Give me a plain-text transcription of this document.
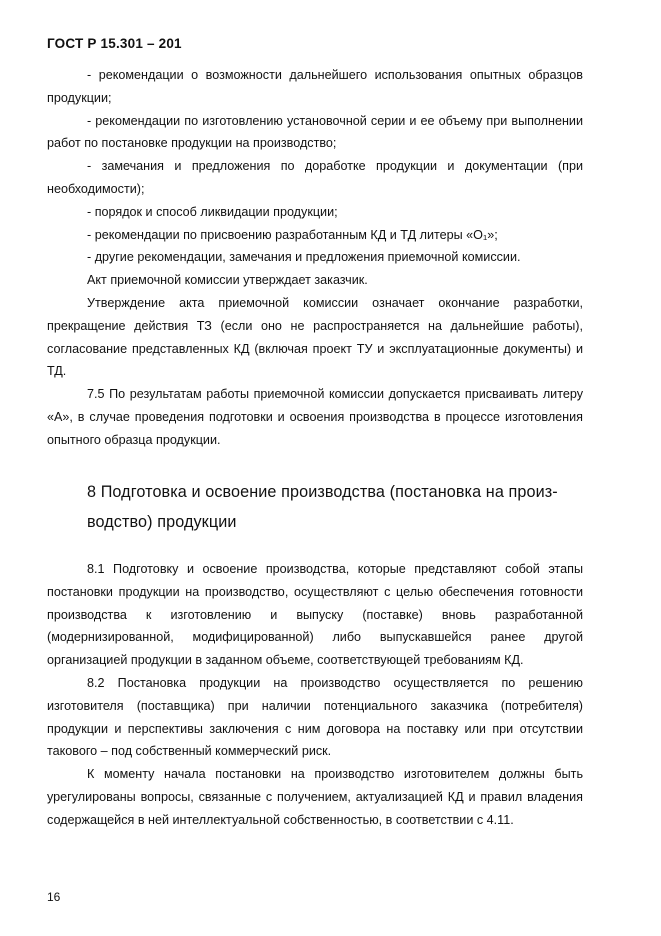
ГОСТ Р 15.301 – 201

- рекомендации о возможности дальнейшего использования опытных образцов продукции;

- рекомендации по изготовлению установочной серии и ее объему при выполнении работ по постановке продукции на производство;

- замечания и предложения по доработке продукции и документации (при необходимости);

- порядок и способ ликвидации продукции;

- рекомендации по присвоению разработанным КД и ТД литеры «О₁»;

- другие рекомендации, замечания и предложения приемочной комиссии.

Акт приемочной комиссии утверждает заказчик.

Утверждение акта приемочной комиссии означает окончание разработки, прекращение действия ТЗ (если оно не распространяется на дальнейшие работы), согласование представленных КД (включая проект ТУ и эксплуатационные документы) и ТД.

7.5 По результатам работы приемочной комиссии допускается присваивать литеру «А», в случае проведения подготовки и освоения производства в процессе изготовления опытного образца продукции.

8 Подготовка и освоение производства (постановка на произ-водство) продукции

8.1 Подготовку и освоение производства, которые представляют собой этапы постановки продукции на производство, осуществляют с целью обеспечения готовности производства к изготовлению и выпуску (поставке) вновь разработанной (модернизированной, модифицированной) либо выпускавшейся ранее другой организацией продукции в заданном объеме, соответствующей требованиям КД.

8.2 Постановка продукции на производство осуществляется по решению изготовителя (поставщика) при наличии потенциального заказчика (потребителя) продукции и перспективы заключения с ним договора на поставку или при отсутствии такового – под собственный коммерческий риск.

К моменту начала постановки на производство изготовителем должны быть урегулированы вопросы, связанные с получением, актуализацией КД и правил владения содержащейся в ней интеллектуальной собственностью, в соответствии с 4.11.

16
